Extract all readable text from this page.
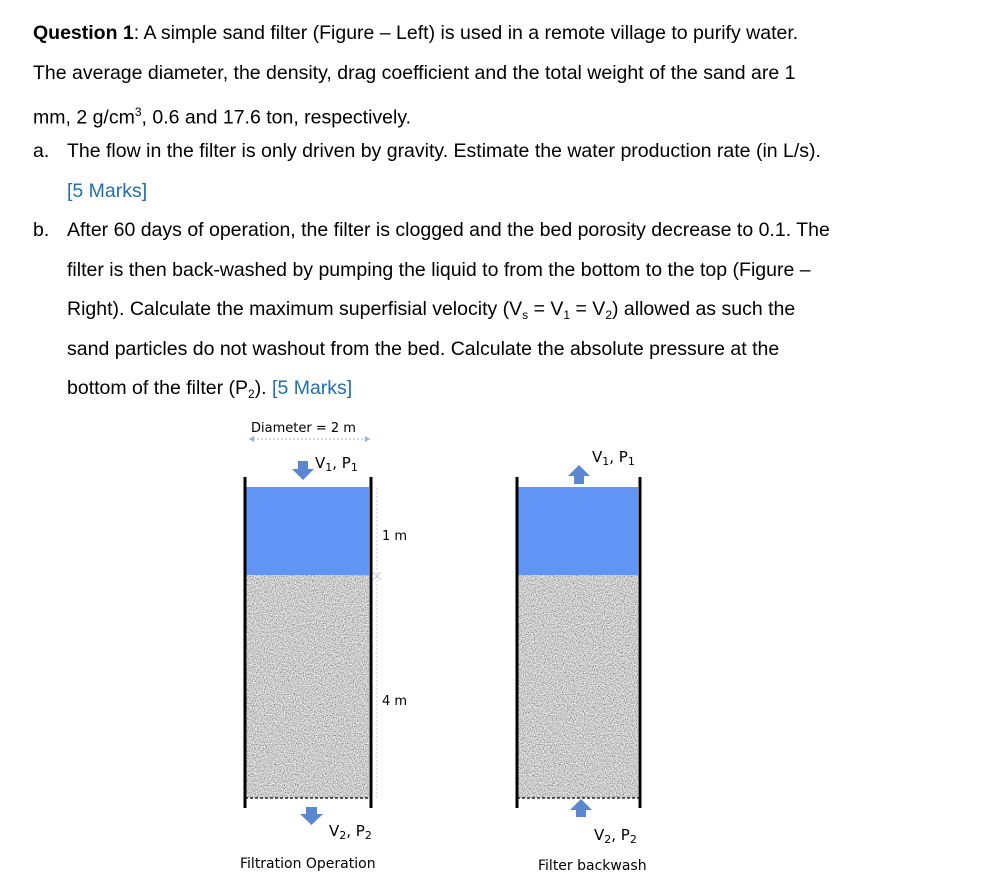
Question 1: A simple sand filter (Figure – Left) is used in a remote village to purify water.
The average diameter, the density, drag coefficient and the total weight of the sand are 1
mm, 2 $g/cm^3$, 0.6 and 17.6 ton, respectively.
a. The flow in the filter is only driven by gravity. Estimate the water production rate (in L/s).
[5 Marks]
b. After 60 days of operation, the filter is clogged and the bed porosity decrease to 0.1. The
filter is then back-washed by pumping the liquid to from the bottom to the top (Figure –
Right). Calculate the maximum superfisial velocity $(V_s = V_1 = V_2)$ allowed as such the
sand particles do not washout from the bed. Calculate the absolute pressure at the
bottom of the filter $(P_2)$. [5 Marks]
Diameter = 2 m
$V_1$, $P_1$
1 m
4 m
$V_2$, $P_2$
Filtration Operation
$V_1$, $P_1$
$V_2$, $P_2$
Filter backwash
